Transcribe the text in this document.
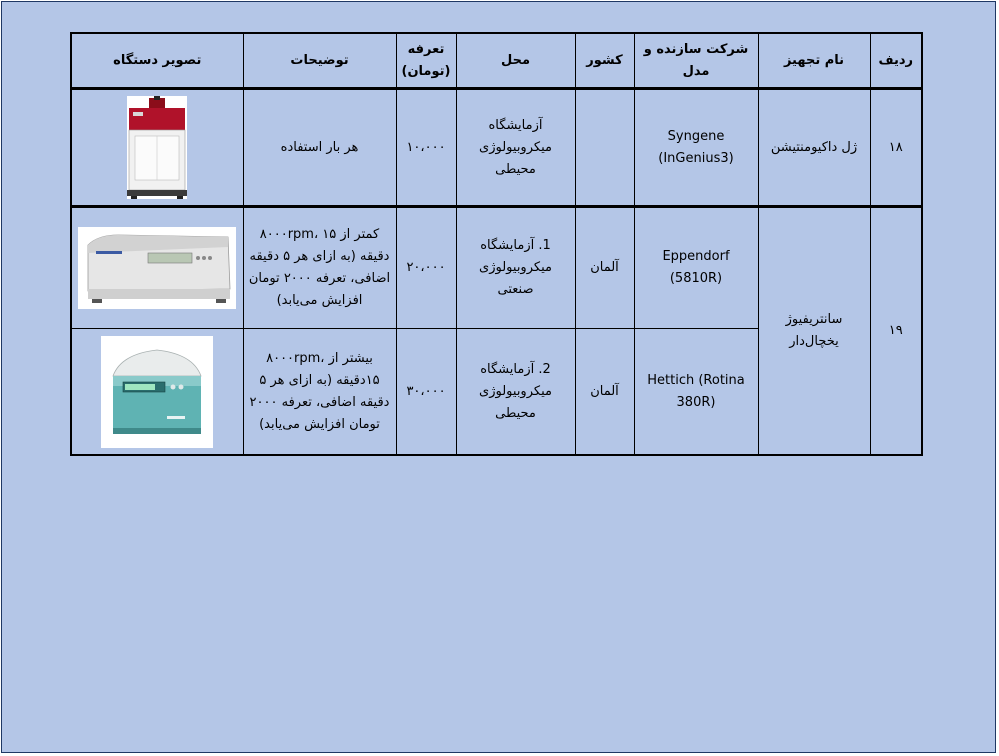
ردیف	نام تجهیز	شرکت سازنده و مدل	کشور	محل	تعرفه (تومان)	توضیحات	تصویر دستگاه
۱۸	ژل داکیومنتیشن	Syngene (InGenius3)		آزمایشگاه میکروبیولوژی محیطی	۱۰،۰۰۰	هر بار استفاده	

۱۹	سانتریفیوژ یخچال‌دار	Eppendorf (5810R)	آلمان	1. آزمایشگاه میکروبیولوژی صنعتی	۲۰،۰۰۰	کمتر از ۸۰۰۰rpm، ۱۵ دقیقه (به ازای هر ۵ دقیقه اضافی، تعرفه ۲۰۰۰ تومان افزایش می‌یابد)	

		Hettich (Rotina 380R)	آلمان	2. آزمایشگاه میکروبیولوژی محیطی	۳۰،۰۰۰	بیشتر از ۸۰۰۰rpm، ۱۵دقیقه (به ازای هر ۵ دقیقه اضافی، تعرفه ۲۰۰۰ تومان افزایش می‌یابد)	
